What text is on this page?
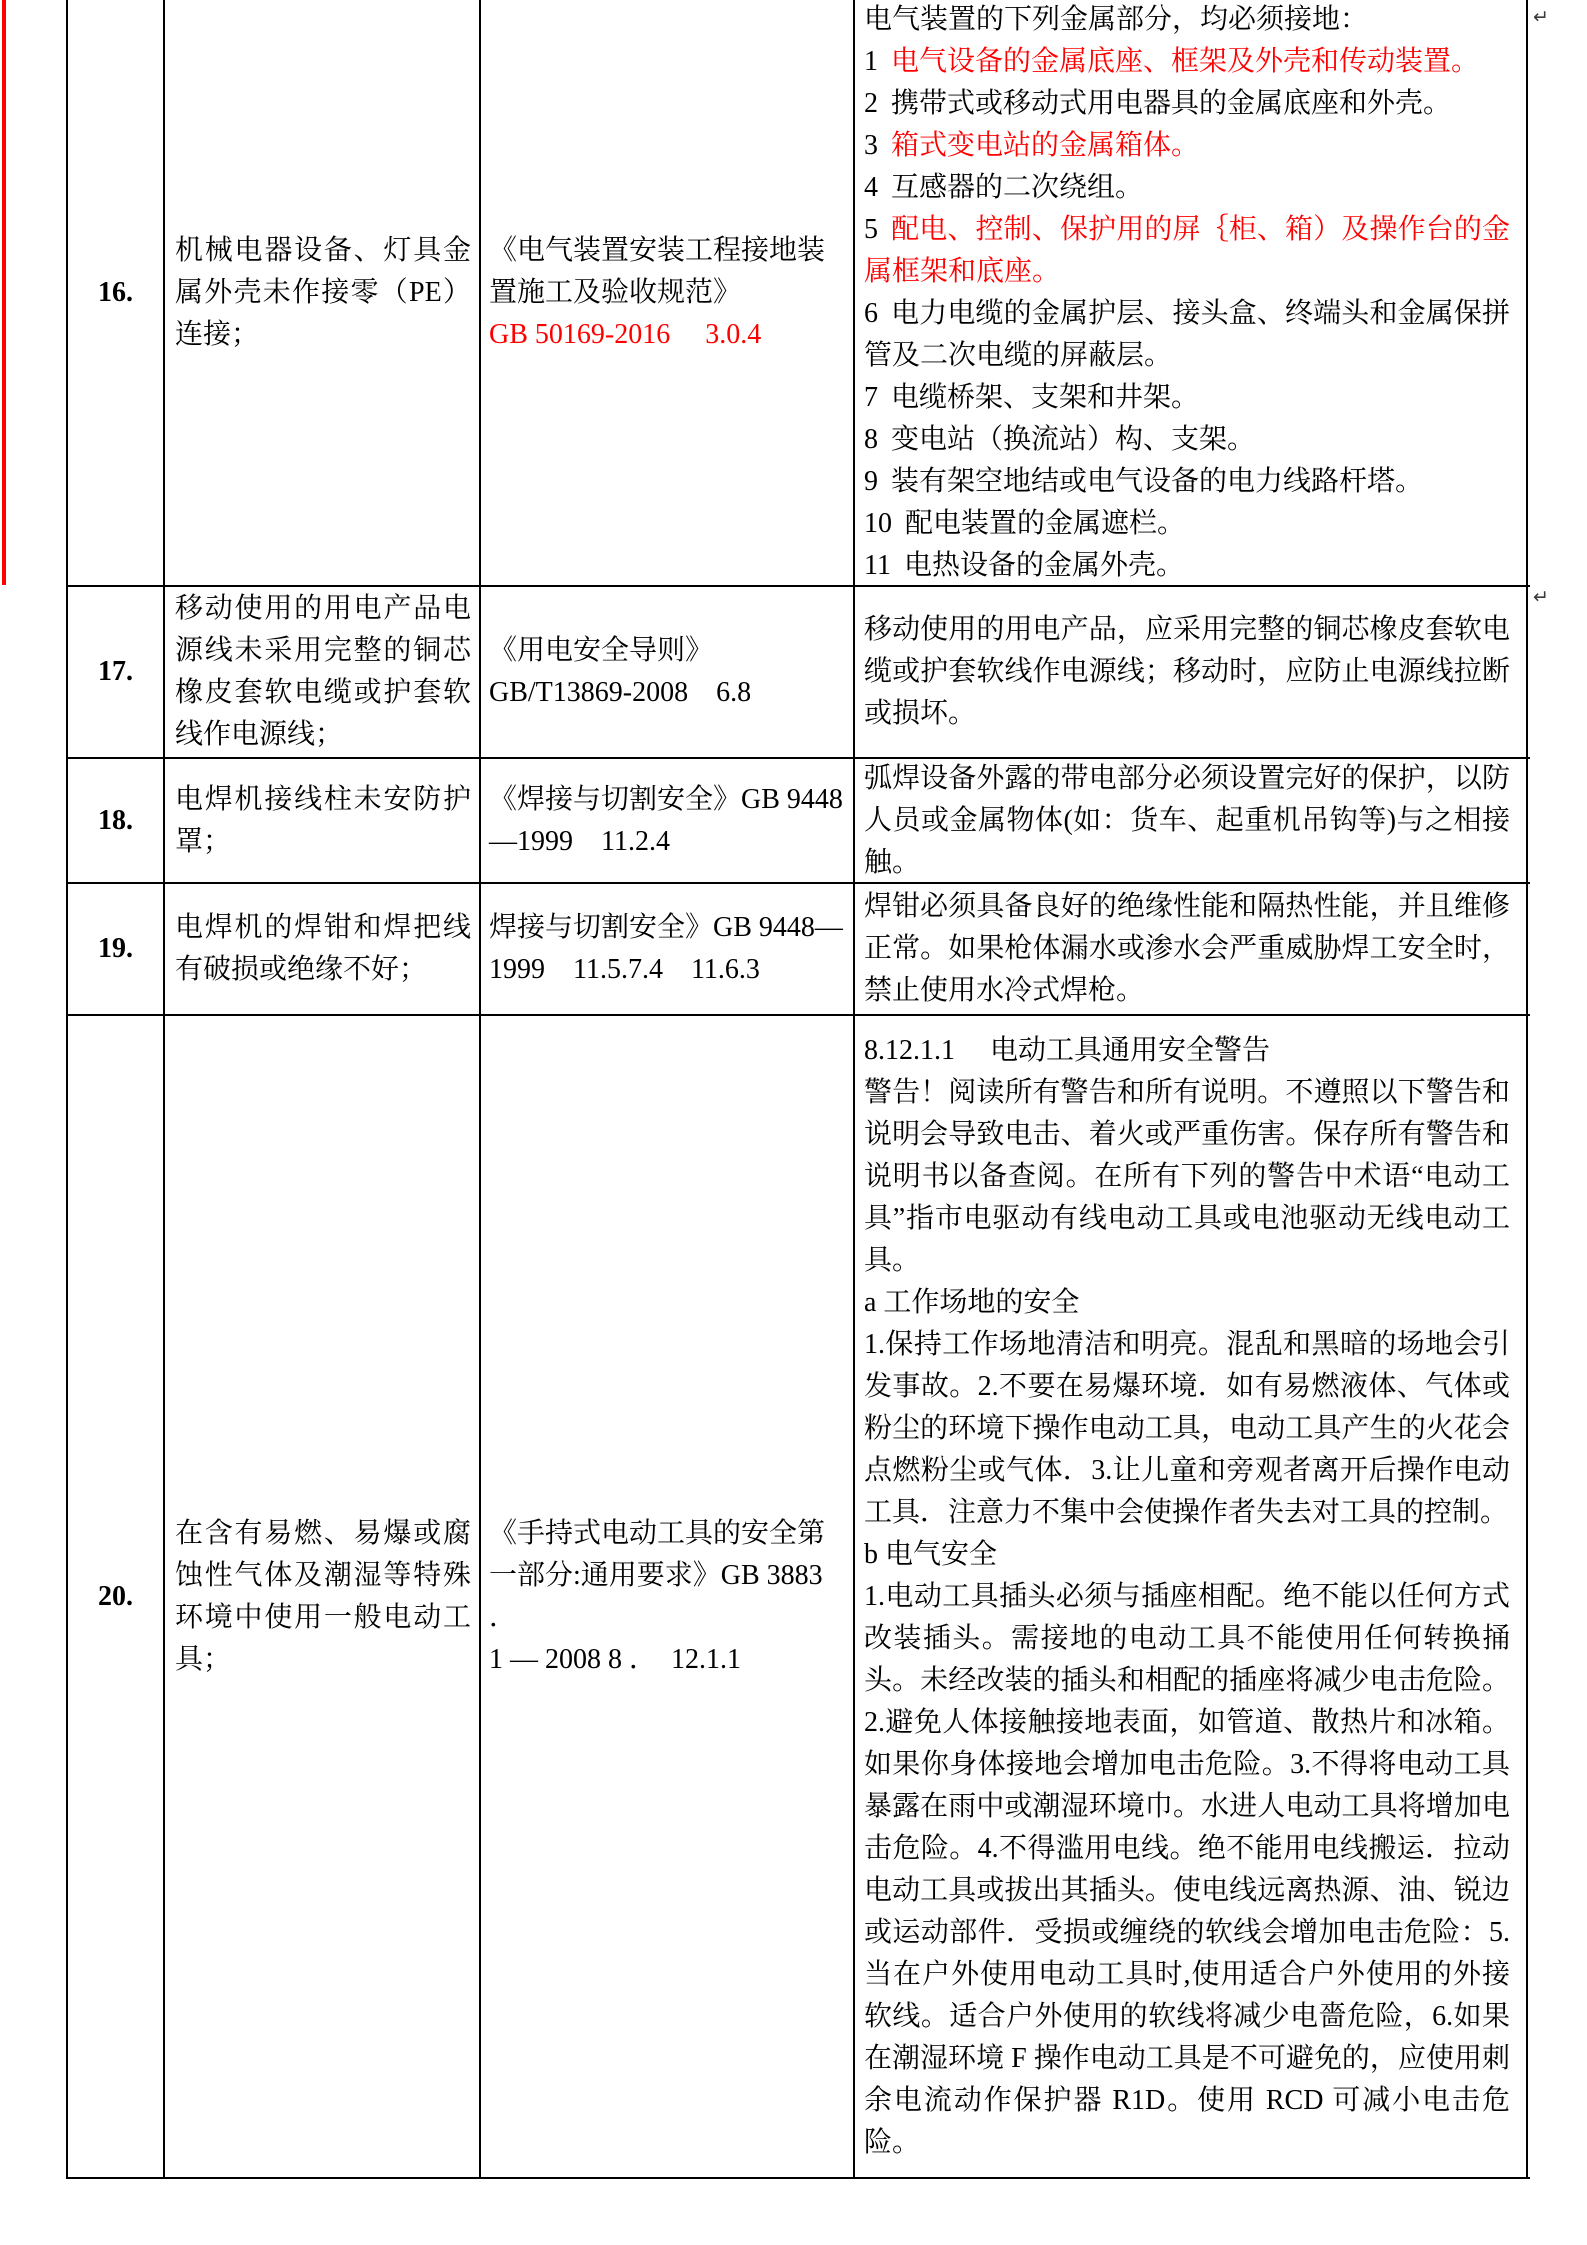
↵
↵
16.
机械电器设备、灯具金属外壳未作接零（PE）连接；
《电气装置安装工程接地装
置施工及验收规范》
GB 50169-2016　 3.0.4
电气装置的下列金属部分，均必须接地：
1 电气设备的金属底座、框架及外壳和传动装置。
2 携带式或移动式用电器具的金属底座和外壳。
3 箱式变电站的金属箱体。
4 互感器的二次绕组。
5 配电、控制、保护用的屏｛柜、箱）及操作台的金属框架和底座。
6 电力电缆的金属护层、接头盒、终端头和金属保拼管及二次电缆的屏蔽层。
7 电缆桥架、支架和井架。
8 变电站（换流站）构、支架。
9 装有架空地结或电气设备的电力线路杆塔。
10 配电装置的金属遮栏。
11 电热设备的金属外壳。
17.
移动使用的用电产品电源线未采用完整的铜芯橡皮套软电缆或护套软线作电源线；
《用电安全导则》
GB/T13869-2008　6.8
移动使用的用电产品，应采用完整的铜芯橡皮套软电缆或护套软线作电源线；移动时，应防止电源线拉断或损坏。
18.
电焊机接线柱未安防护罩；
《焊接与切割安全》GB 9448
—1999　11.2.4
弧焊设备外露的带电部分必须设置完好的保护，以防人员或金属物体(如：货车、起重机吊钩等)与之相接触。
19.
电焊机的焊钳和焊把线有破损或绝缘不好；
焊接与切割安全》GB 9448—
1999　11.5.7.4　11.6.3
焊钳必须具备良好的绝缘性能和隔热性能，并且维修正常。如果枪体漏水或渗水会严重威胁焊工安全时，禁止使用水冷式焊枪。
20.
在含有易燃、易爆或腐蚀性气体及潮湿等特殊环境中使用一般电动工具；
《手持式电动工具的安全第
一部分:通用要求》GB 3883 ．
1 — 2008 8 ．　12.1.1
8.12.1.1　 电动工具通用安全警告
警告！阅读所有警告和所有说明。不遵照以下警告和说明会导致电击、着火或严重伤害。保存所有警告和说明书以备查阅。在所有下列的警告中术语“电动工具”指市电驱动有线电动工具或电池驱动无线电动工具。
a 工作场地的安全
1.保持工作场地清洁和明亮。混乱和黑暗的场地会引发事故。2.不要在易爆环境．如有易燃液体、气体或粉尘的环境下操作电动工具，电动工具产生的火花会点燃粉尘或气体．3.让儿童和旁观者离开后操作电动工具．注意力不集中会使操作者失去对工具的控制。
b 电气安全
1.电动工具插头必须与插座相配。绝不能以任何方式改装插头。需接地的电动工具不能使用任何转换捅头。未经改装的插头和相配的插座将减少电击危险。2.避免人体接触接地表面，如管道、散热片和冰箱。如果你身体接地会增加电击危险。3.不得将电动工具暴露在雨中或潮湿环境巾。水进人电动工具将增加电击危险。4.不得滥用电线。绝不能用电线搬运．拉动电动工具或拔出其插头。使电线远离热源、油、锐边或运动部件．受损或缠绕的软线会增加电击危险：5.当在户外使用电动工具时,使用适合户外使用的外接软线。适合户外使用的软线将减少电嗇危险，6.如果在潮湿环境 F 操作电动工具是不可避免的，应使用刺余电流动作保护器 R1D。使用 RCD 可减小电击危险。
